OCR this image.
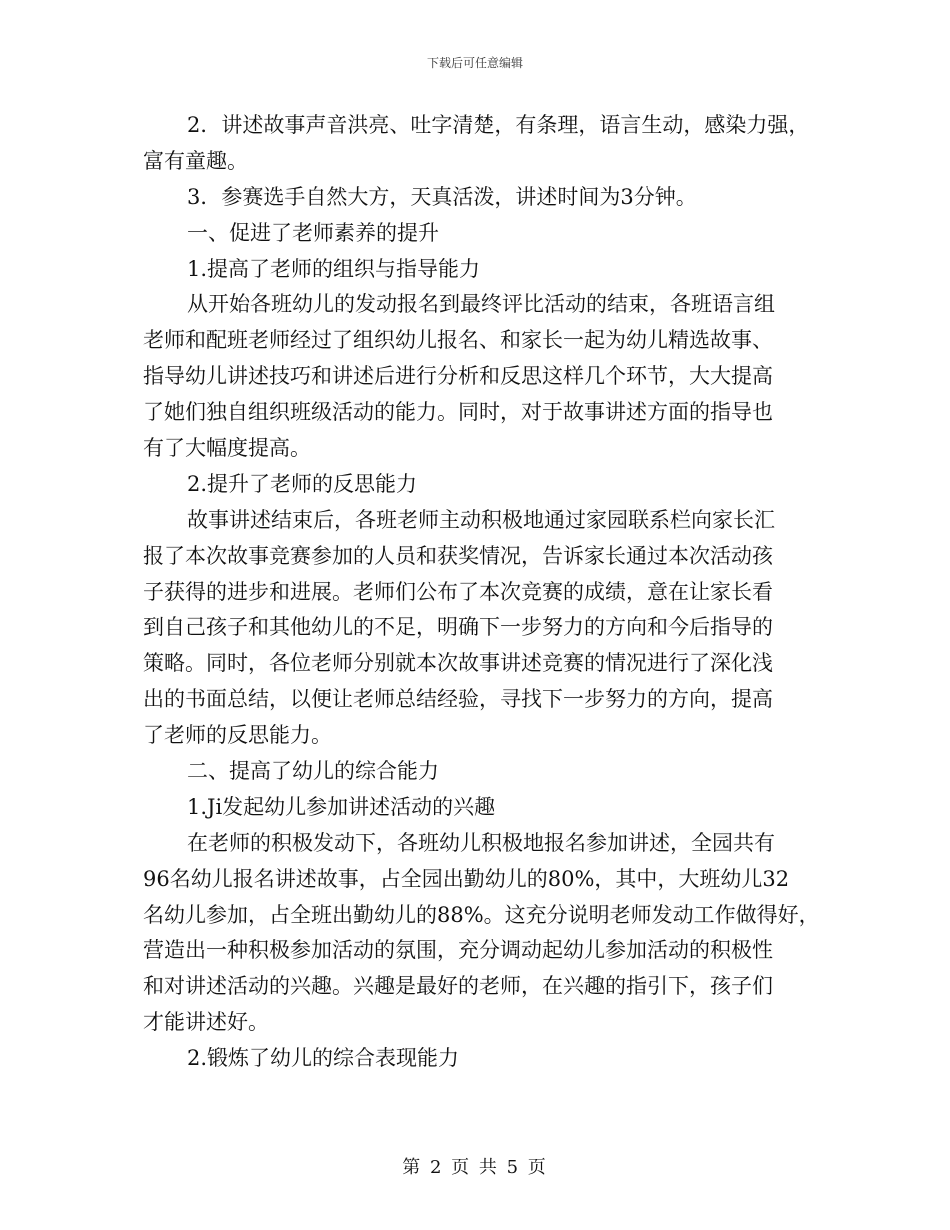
下载后可任意编辑
2．讲述故事声音洪亮、吐字清楚，有条理，语言生动，感染力强，
富有童趣。
3．参赛选手自然大方，天真活泼，讲述时间为3分钟。
一、促进了老师素养的提升
1.提高了老师的组织与指导能力
从开始各班幼儿的发动报名到最终评比活动的结束，各班语言组
老师和配班老师经过了组织幼儿报名、和家长一起为幼儿精选故事、
指导幼儿讲述技巧和讲述后进行分析和反思这样几个环节，大大提高
了她们独自组织班级活动的能力。同时，对于故事讲述方面的指导也
有了大幅度提高。
2.提升了老师的反思能力
故事讲述结束后，各班老师主动积极地通过家园联系栏向家长汇
报了本次故事竞赛参加的人员和获奖情况，告诉家长通过本次活动孩
子获得的进步和进展。老师们公布了本次竞赛的成绩，意在让家长看
到自己孩子和其他幼儿的不足，明确下一步努力的方向和今后指导的
策略。同时，各位老师分别就本次故事讲述竞赛的情况进行了深化浅
出的书面总结，以便让老师总结经验，寻找下一步努力的方向，提高
了老师的反思能力。
二、提高了幼儿的综合能力
1.Ji发起幼儿参加讲述活动的兴趣
在老师的积极发动下，各班幼儿积极地报名参加讲述，全园共有
96名幼儿报名讲述故事，占全园出勤幼儿的80%，其中，大班幼儿32
名幼儿参加，占全班出勤幼儿的88%。这充分说明老师发动工作做得好，
营造出一种积极参加活动的氛围，充分调动起幼儿参加活动的积极性
和对讲述活动的兴趣。兴趣是最好的老师，在兴趣的指引下，孩子们
才能讲述好。
2.锻炼了幼儿的综合表现能力
第 2 页 共 5 页
